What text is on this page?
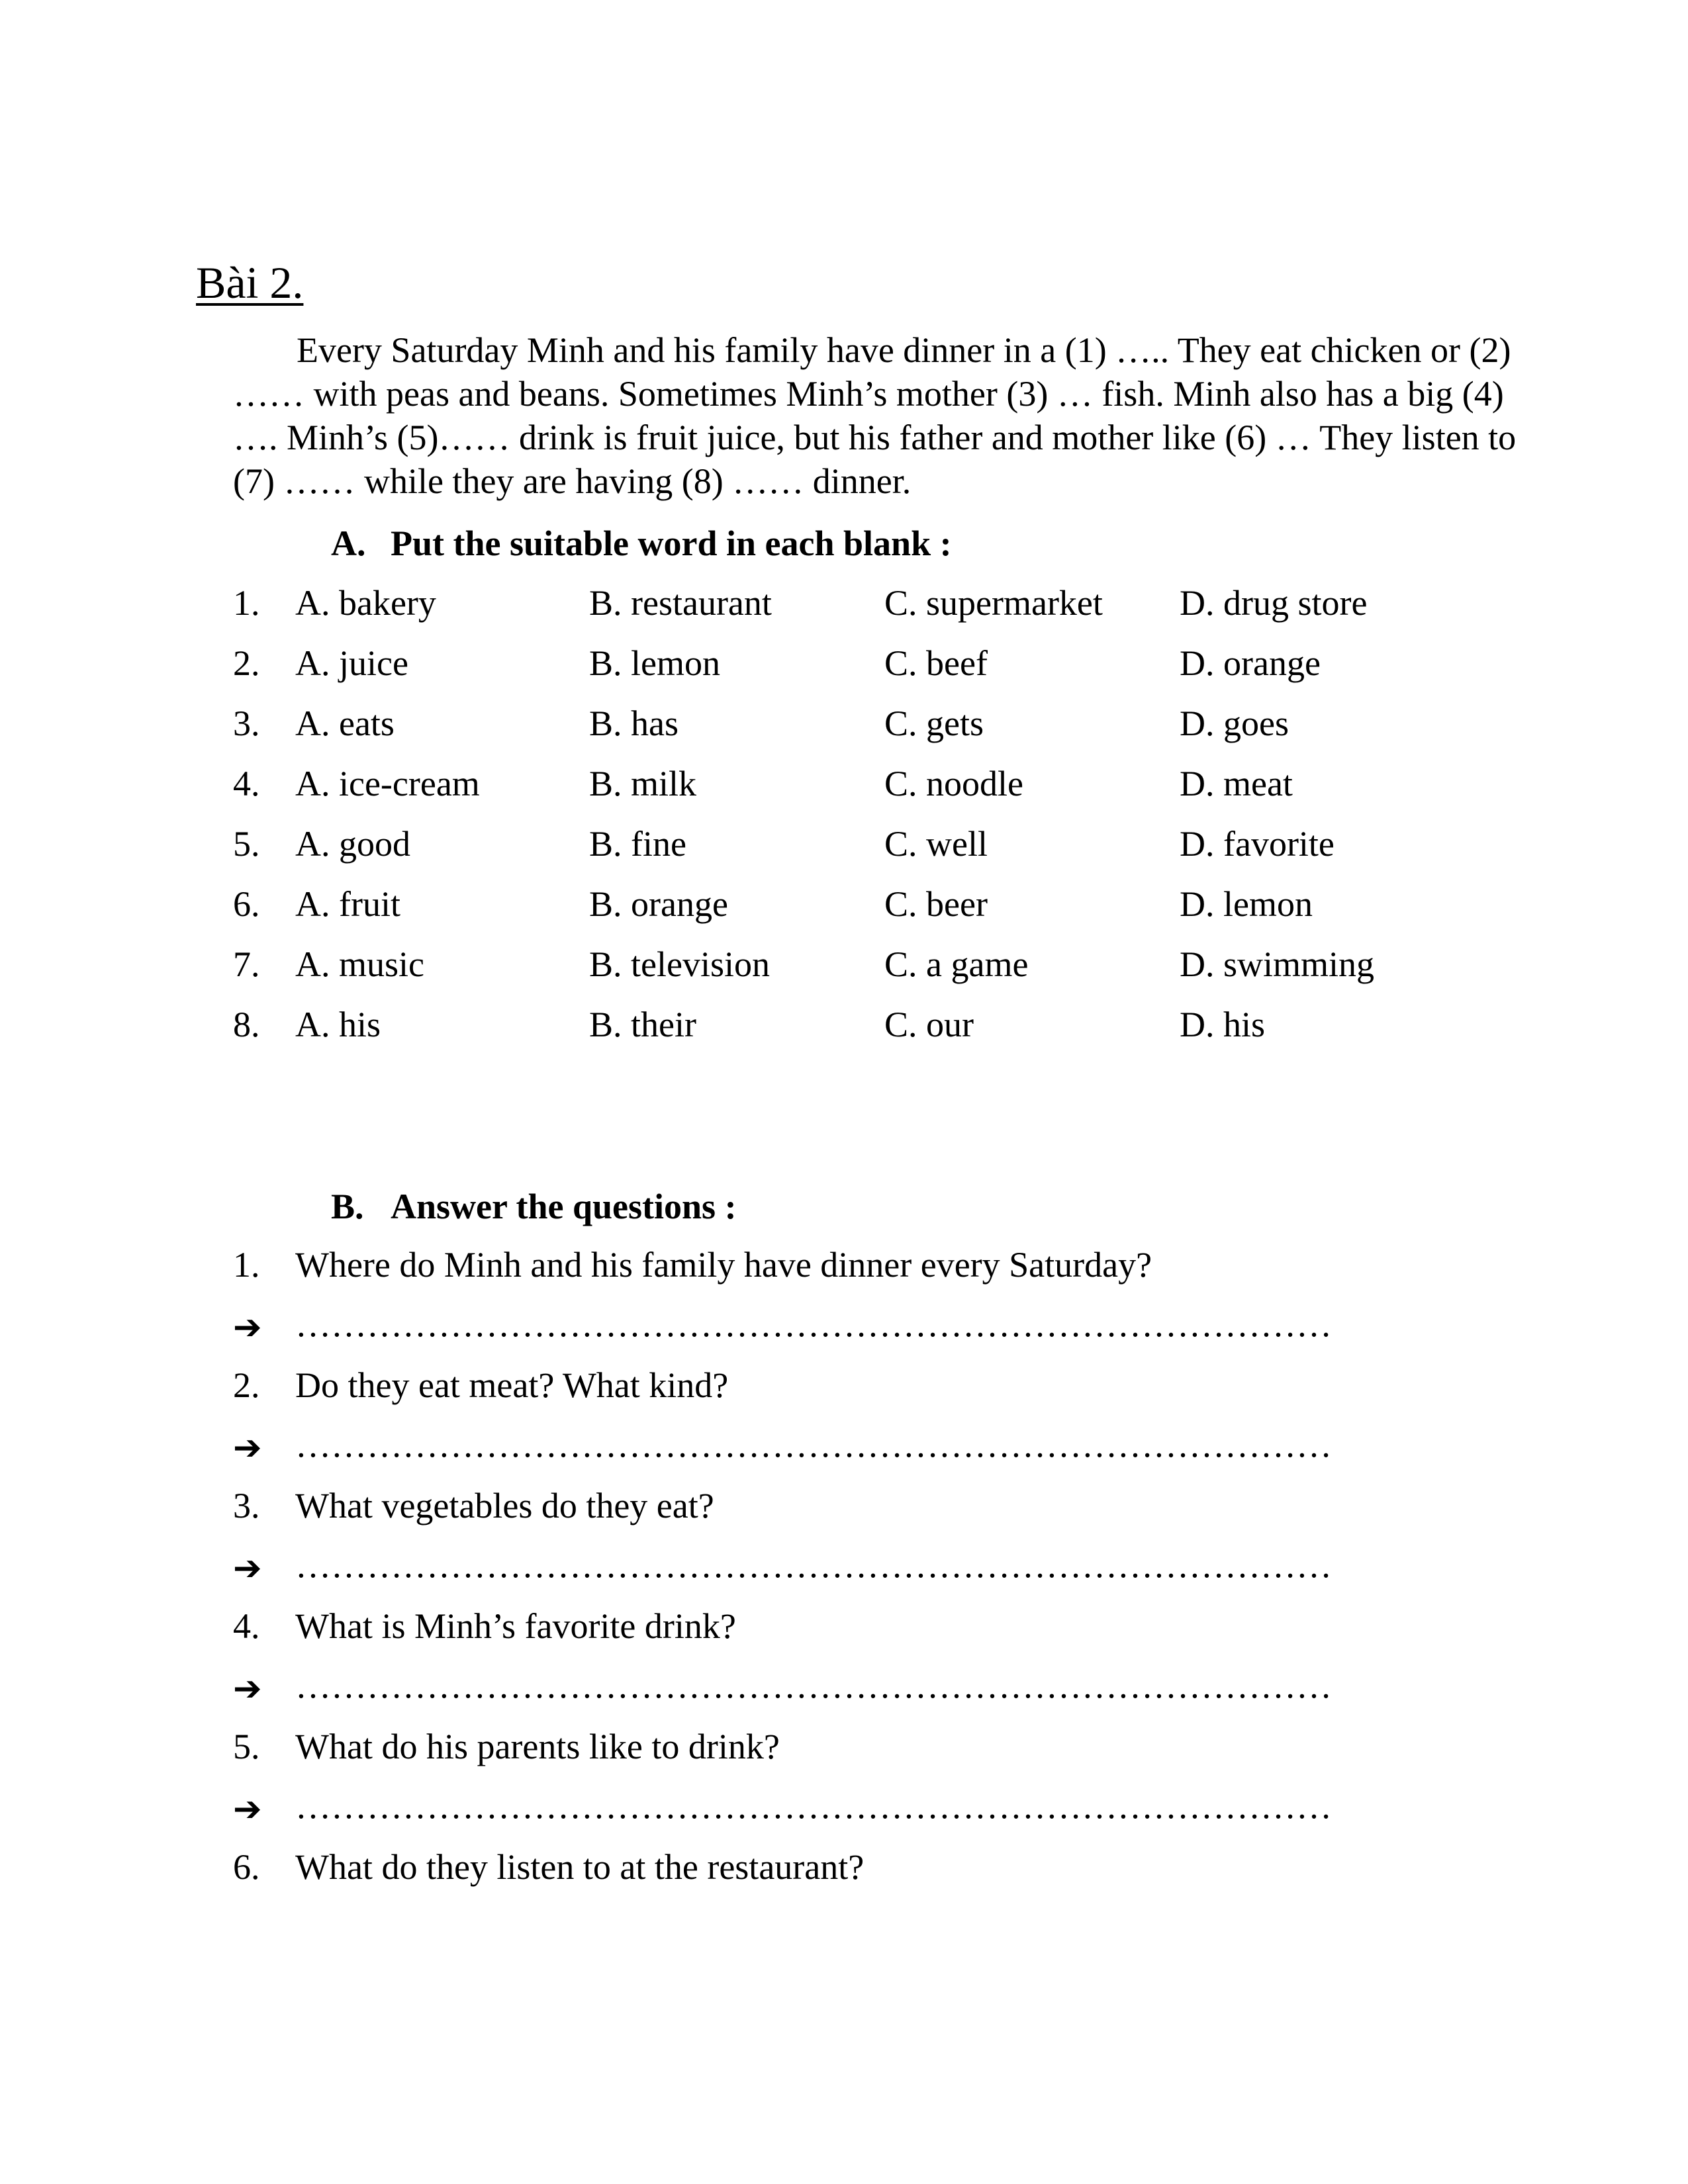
Bài 2.

Every Saturday Minh and his family have dinner in a (1) ….. They eat chicken or (2)

…… with peas and beans. Sometimes Minh’s mother (3) … fish. Minh also has a big (4)

…. Minh’s (5)…… drink is fruit juice, but his father and mother like (6) … They listen to

(7) …… while they are having (8) …… dinner.

A. Put the suitable word in each blank :
1. A. bakery	B. restaurant	C. supermarket D. drug store
2. A. juice	B. lemon	C. beef	D. orange
3. A. eats	B. has	C. gets	D. goes
4. A. ice-cream	B. milk	C. noodle	D. meat
5. A. good	B. fine	C. well	D. favorite
6. A. fruit	B. orange	C. beer	D. lemon
7. A. music	B. television	C. a game	D. swimming
8. A. his	B. their	C. our	D. his
B. Answer the questions :
1. Where do Minh and his family have dinner every Saturday?
➔ ……………………………………………………………………………
2. Do they eat meat? What kind?
➔ ……………………………………………………………………………
3. What vegetables do they eat?
➔ ……………………………………………………………………………
4. What is Minh’s favorite drink?
➔ ……………………………………………………………………………
5. What do his parents like to drink?
➔ ……………………………………………………………………………
6. What do they listen to at the restaurant?
